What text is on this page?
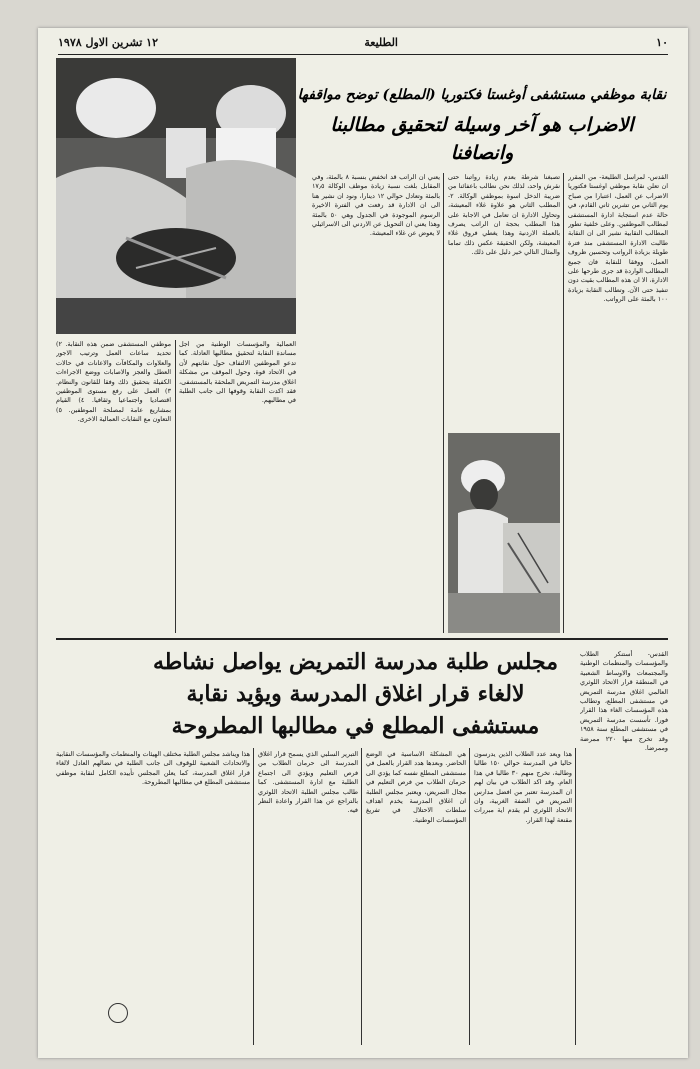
١٠
الطليعة
١٢ تشرين الاول ١٩٧٨
نقابة موظفي مستشفى أوغستا فكتوريا (المطلع) توضح مواقفها
الاضراب هو آخر وسيلة لتحقيق مطالبنا وانصافنا
القدس- لمراسل الطليعة- من المقرر ان تعلن نقابة موظفي اوغستا فكتوريا الاضراب عن العمل، اعتبارا من صباح يوم الثاني من تشرين ثاني القادم، في حالة عدم استجابة ادارة المستشفى لمطالب الموظفين. وعلى خلفية تطور المطالب النقابية نشير الى ان النقابة طالبت الادارة المستشفى منذ فترة طويلة بزيادة الرواتب وتحسين ظروف العمل، ووفقا للنقابة فان جميع المطالب الواردة قد جرى طرحها على الادارة، الا ان هذه المطالب بقيت دون تنفيذ حتى الآن. وتطالب النقابة بزيادة ١٠٠ بالمئة على الرواتب.
تصبغنا شرطة بعدم زيادة رواتبنا حتى نقرش واحد، لذلك نحن نطالب باعفائنا من ضريبة الدخل اسوة بموظفي الوكالة. ٢- المطلب الثاني هو علاوة غلاء المعيشة، وتحاول الادارة ان تعامل في الاجابة على هذا المطلب بحجة ان الراتب يصرف بالعملة الاردنية وهذا يغطي فروق غلاء المعيشة، ولكن الحقيقة عكس ذلك تماما والمثال التالي خير دليل على ذلك.
يعني ان الراتب قد انخفض بنسبة ٨ بالمئة، وفي المقابل بلغت نسبة زيادة موظف الوكالة ١٧٫٥ بالمئة وتعادل حوالي ١٢ دينارا، ونود ان نشير هنا الى ان الادارة قد رفعت في الفترة الاخيرة الرسوم الموجودة في الجدول وهي ٥٠ بالمئة وهذا يعني ان التحويل عن الاردني الى الاسرائيلي لا يعوض عن غلاء المعيشة.
موظفي المستشفى ضمن هذه النقابة. ٢) تحديد ساعات العمل وترتيب الاجور والعلاوات والمكافآت والاعانات في حالات العطل والعجز والاصابات ووضع الاجراءات الكفيلة بتحقيق ذلك وفقا للقانون والنظام. ٣) العمل على رفع مستوى الموظفين اقتصاديا واجتماعيا وثقافيا. ٤) القيام بمشاريع عامة لمصلحة الموظفين. ٥) التعاون مع النقابات العمالية الاخرى.
العمالية والمؤسسات الوطنية من اجل مساندة النقابة لتحقيق مطالبها العادلة. كما تدعو الموظفين الالتفاف حول نقابتهم لأن في الاتحاد قوة. وحول الموقف من مشكلة اغلاق مدرسة التمريض الملحقة بالمستشفى، فقد اكدت النقابة وقوفها الى جانب الطلبة في مطالبهم.
مجلس طلبة مدرسة التمريض يواصل نشاطه
لالغاء قرار اغلاق المدرسة ويؤيد نقابة
مستشفى المطلع في مطالبها المطروحة
القدس- أستنكر الطلاب والمؤسسات والمنظمات الوطنية والمجتمعات والاوساط الشعبية في المنطقة قرار الاتحاد اللوثري العالمي اغلاق مدرسة التمريض في مستشفى المطلع، وتطالب هذه المؤسسات الغاء هذا القرار فورا. تأسست مدرسة التمريض في مستشفى المطلع سنة ١٩٥٨ وقد تخرج منها ٢٢٠ ممرضة وممرضا.
هذا ويعد عدد الطلاب الذين يدرسون حاليا في المدرسة حوالي ١٥٠ طالبا وطالبة، تخرج منهم ٣٠ طالبا في هذا العام. وقد اكد الطلاب في بيان لهم ان المدرسة تعتبر من افضل مدارس التمريض في الضفة الغربية، وان الاتحاد اللوثري لم يقدم اية مبررات مقنعة لهذا القرار.
هي المشكلة الاساسية في الوضع الحاضر. وبعدها هدد القرار بالعمل في مستشفى المطلع نفسه كما يؤدي الى حرمان الطلاب من فرص التعليم في مجال التمريض، ويعتبر مجلس الطلبة ان اغلاق المدرسة يخدم اهداف سلطات الاحتلال في تفريغ المؤسسات الوطنية.
التبرير السلبي الذي يسمح قرار اغلاق المدرسة الى حرمان الطلاب من فرص التعليم ويؤدي الى اجتماع الطلبة مع ادارة المستشفى. كما طالب مجلس الطلبة الاتحاد اللوثري بالتراجع عن هذا القرار واعادة النظر فيه.
هذا ويناشد مجلس الطلبة مختلف الهيئات والمنظمات والمؤسسات النقابية والاتحادات الشعبية للوقوف الى جانب الطلبة في نضالهم العادل لالغاء قرار اغلاق المدرسة، كما يعلن المجلس تأييده الكامل لنقابة موظفي مستشفى المطلع في مطالبها المطروحة.
